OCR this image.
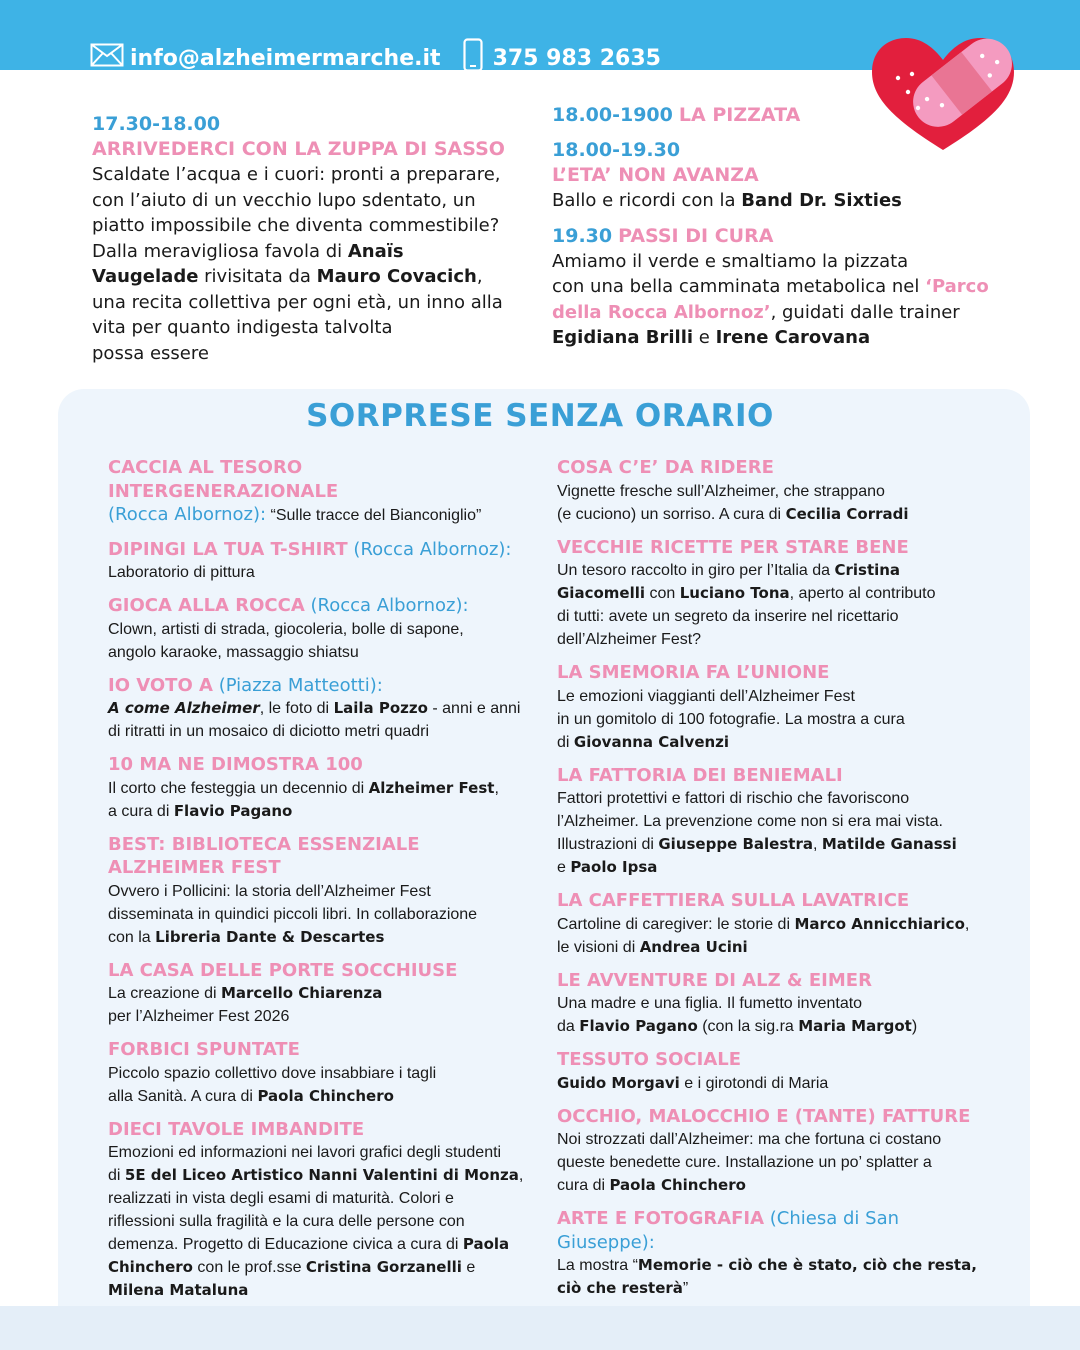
info@alzheimermarche.it 375 983 2635
17.30-18.00
ARRIVEDERCI CON LA ZUPPA DI SASSO
Scaldate l’acqua e i cuori: pronti a preparare,
con l’aiuto di un vecchio lupo sdentato, un
piatto impossibile che diventa commestibile?
Dalla meravigliosa favola di Anaïs
Vaugelade rivisitata da Mauro Covacich,
una recita collettiva per ogni età, un inno alla
vita per quanto indigesta talvolta
possa essere
18.00-1900 LA PIZZATA
18.00-19.30
L’ETA’ NON AVANZA
Ballo e ricordi con la Band Dr. Sixties
19.30 PASSI DI CURA
Amiamo il verde e smaltiamo la pizzata
con una bella camminata metabolica nel ‘Parco
della Rocca Albornoz’, guidati dalle trainer
Egidiana Brilli e Irene Carovana
SORPRESE SENZA ORARIO
CACCIA AL TESORO INTERGENERAZIONALE
(Rocca Albornoz): “Sulle tracce del Bianconiglio”
DIPINGI LA TUA T-SHIRT (Rocca Albornoz):
Laboratorio di pittura
GIOCA ALLA ROCCA (Rocca Albornoz):
Clown, artisti di strada, giocoleria, bolle di sapone,
angolo karaoke, massaggio shiatsu
IO VOTO A (Piazza Matteotti):
A come Alzheimer, le foto di Laila Pozzo - anni e anni
di ritratti in un mosaico di diciotto metri quadri
10 MA NE DIMOSTRA 100
Il corto che festeggia un decennio di Alzheimer Fest,
a cura di Flavio Pagano
BEST: BIBLIOTECA ESSENZIALE
ALZHEIMER FEST
Ovvero i Pollicini: la storia dell’Alzheimer Fest
disseminata in quindici piccoli libri. In collaborazione
con la Libreria Dante & Descartes
LA CASA DELLE PORTE SOCCHIUSE
La creazione di Marcello Chiarenza
per l’Alzheimer Fest 2026
FORBICI SPUNTATE
Piccolo spazio collettivo dove insabbiare i tagli
alla Sanità. A cura di Paola Chinchero
DIECI TAVOLE IMBANDITE
Emozioni ed informazioni nei lavori grafici degli studenti
di 5E del Liceo Artistico Nanni Valentini di Monza,
realizzati in vista degli esami di maturità. Colori e
riflessioni sulla fragilità e la cura delle persone con
demenza. Progetto di Educazione civica a cura di Paola
Chinchero con le prof.sse Cristina Gorzanelli e
Milena Mataluna
COSA C’E’ DA RIDERE
Vignette fresche sull’Alzheimer, che strappano
(e cuciono) un sorriso. A cura di Cecilia Corradi
VECCHIE RICETTE PER STARE BENE
Un tesoro raccolto in giro per l’Italia da Cristina
Giacomelli con Luciano Tona, aperto al contributo
di tutti: avete un segreto da inserire nel ricettario
dell’Alzheimer Fest?
LA SMEMORIA FA L’UNIONE
Le emozioni viaggianti dell’Alzheimer Fest
in un gomitolo di 100 fotografie. La mostra a cura
di Giovanna Calvenzi
LA FATTORIA DEI BENIEMALI
Fattori protettivi e fattori di rischio che favoriscono
l’Alzheimer. La prevenzione come non si era mai vista.
Illustrazioni di Giuseppe Balestra, Matilde Ganassi
e Paolo Ipsa
LA CAFFETTIERA SULLA LAVATRICE
Cartoline di caregiver: le storie di Marco Annicchiarico,
le visioni di Andrea Ucini
LE AVVENTURE DI ALZ & EIMER
Una madre e una figlia. Il fumetto inventato
da Flavio Pagano (con la sig.ra Maria Margot)
TESSUTO SOCIALE
Guido Morgavi e i girotondi di Maria
OCCHIO, MALOCCHIO E (TANTE) FATTURE
Noi strozzati dall’Alzheimer: ma che fortuna ci costano
queste benedette cure. Installazione un po’ splatter a
cura di Paola Chinchero
ARTE E FOTOGRAFIA (Chiesa di San Giuseppe):
La mostra “Memorie - ciò che è stato, ciò che resta,
ciò che resterà”
